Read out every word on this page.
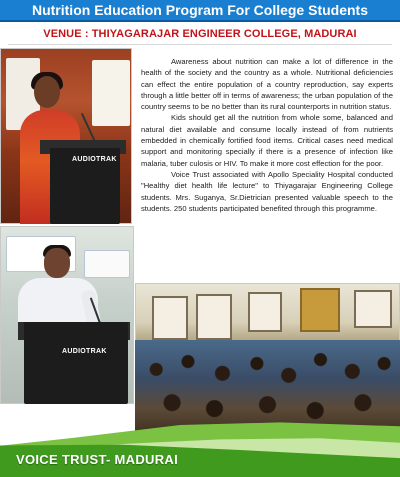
Nutrition Education Program For College Students
VENUE : THIYAGARAJAR ENGINEER COLLEGE, MADURAI
AUDIOTRAK
AUDIOTRAK

Awareness about nutrition can make a lot of difference in the health of the society and the country as a whole. Nutritional deficiencies can effect the entire population of a country reproduction, say experts through a little better off in terms of awareness; the urban population of the country seems to be no better than its rural counterports in nutrition status.

Kids should get all the nutrition from whole some, balanced and natural diet available and consume locally instead of from nutrients embedded in chemically fortified food items. Critical cases need medical support and monitoring specially if there is a presence of infection like malaria, tuber culosis or HIV. To make it more cost effection for the poor.

Voice Trust associated with Apollo Speciality Hospital conducted "Healthy diet health life lecture" to Thiyagarajar Engineering College students. Mrs. Suganya, Sr.Dietrician presented valuable speech to the students. 250 students participated benefited through this programme.

VOICE TRUST- MADURAI
